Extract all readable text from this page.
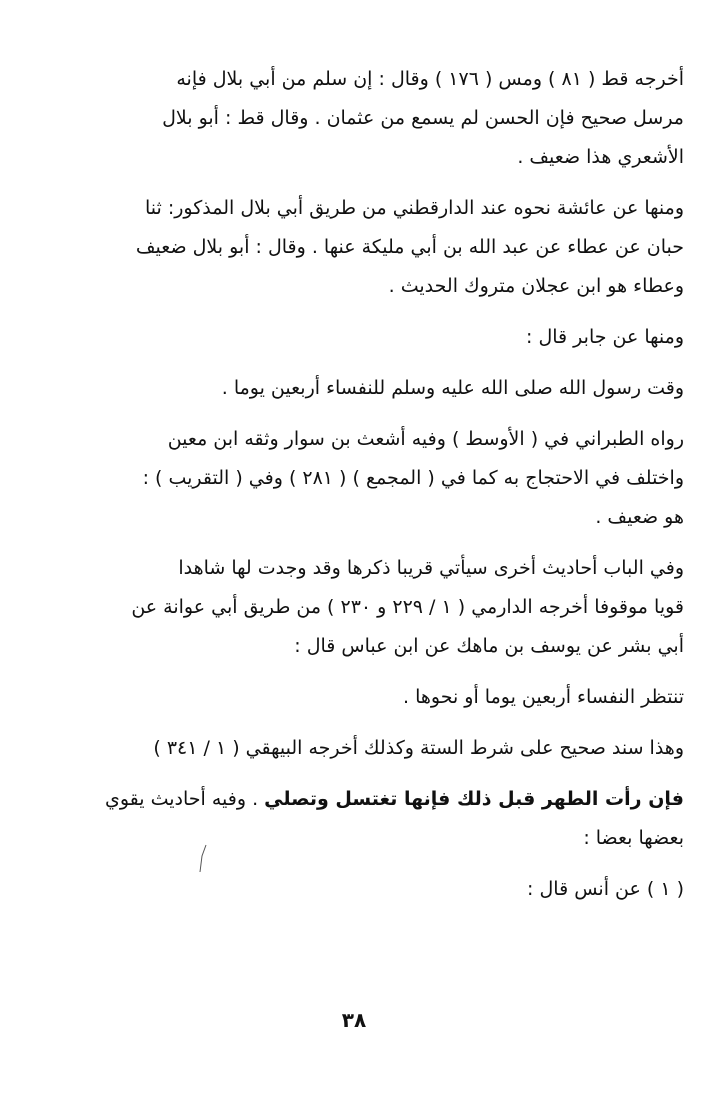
أخرجه قط ( ٨١ ) ومس ( ١٧٦ ) وقال : إن سلم من أبي بلال فإنه
مرسل صحيح فإن الحسن لم يسمع من عثمان . وقال قط : أبو بلال
الأشعري هذا ضعيف .

ومنها عن عائشة نحوه عند الدارقطني من طريق أبي بلال المذكور: ثنا
حبان عن عطاء عن عبد الله بن أبي مليكة عنها . وقال : أبو بلال ضعيف
وعطاء هو ابن عجلان متروك الحديث .

ومنها عن جابر قال :

وقت رسول الله صلى الله عليه وسلم للنفساء أربعين يوما .

رواه الطبراني في ( الأوسط ) وفيه أشعث بن سوار وثقه ابن معين
واختلف في الاحتجاج به كما في ( المجمع ) ( ٢٨١ ) وفي ( التقريب ) :
هو ضعيف .

وفي الباب أحاديث أخرى سيأتي قريبا ذكرها وقد وجدت لها شاهدا
قويا موقوفا أخرجه الدارمي ( ١ / ٢٢٩ و ٢٣٠ ) من طريق أبي عوانة عن
أبي بشر عن يوسف بن ماهك عن ابن عباس قال :

تنتظر النفساء أربعين يوما أو نحوها .

وهذا سند صحيح على شرط الستة وكذلك أخرجه البيهقي ( ١ / ٣٤١ )

فإن رأت الطهر قبل ذلك فإنها تغتسل وتصلي . وفيه أحاديث يقوي
بعضها بعضا :

( ١ ) عن أنس قال :

٣٨
